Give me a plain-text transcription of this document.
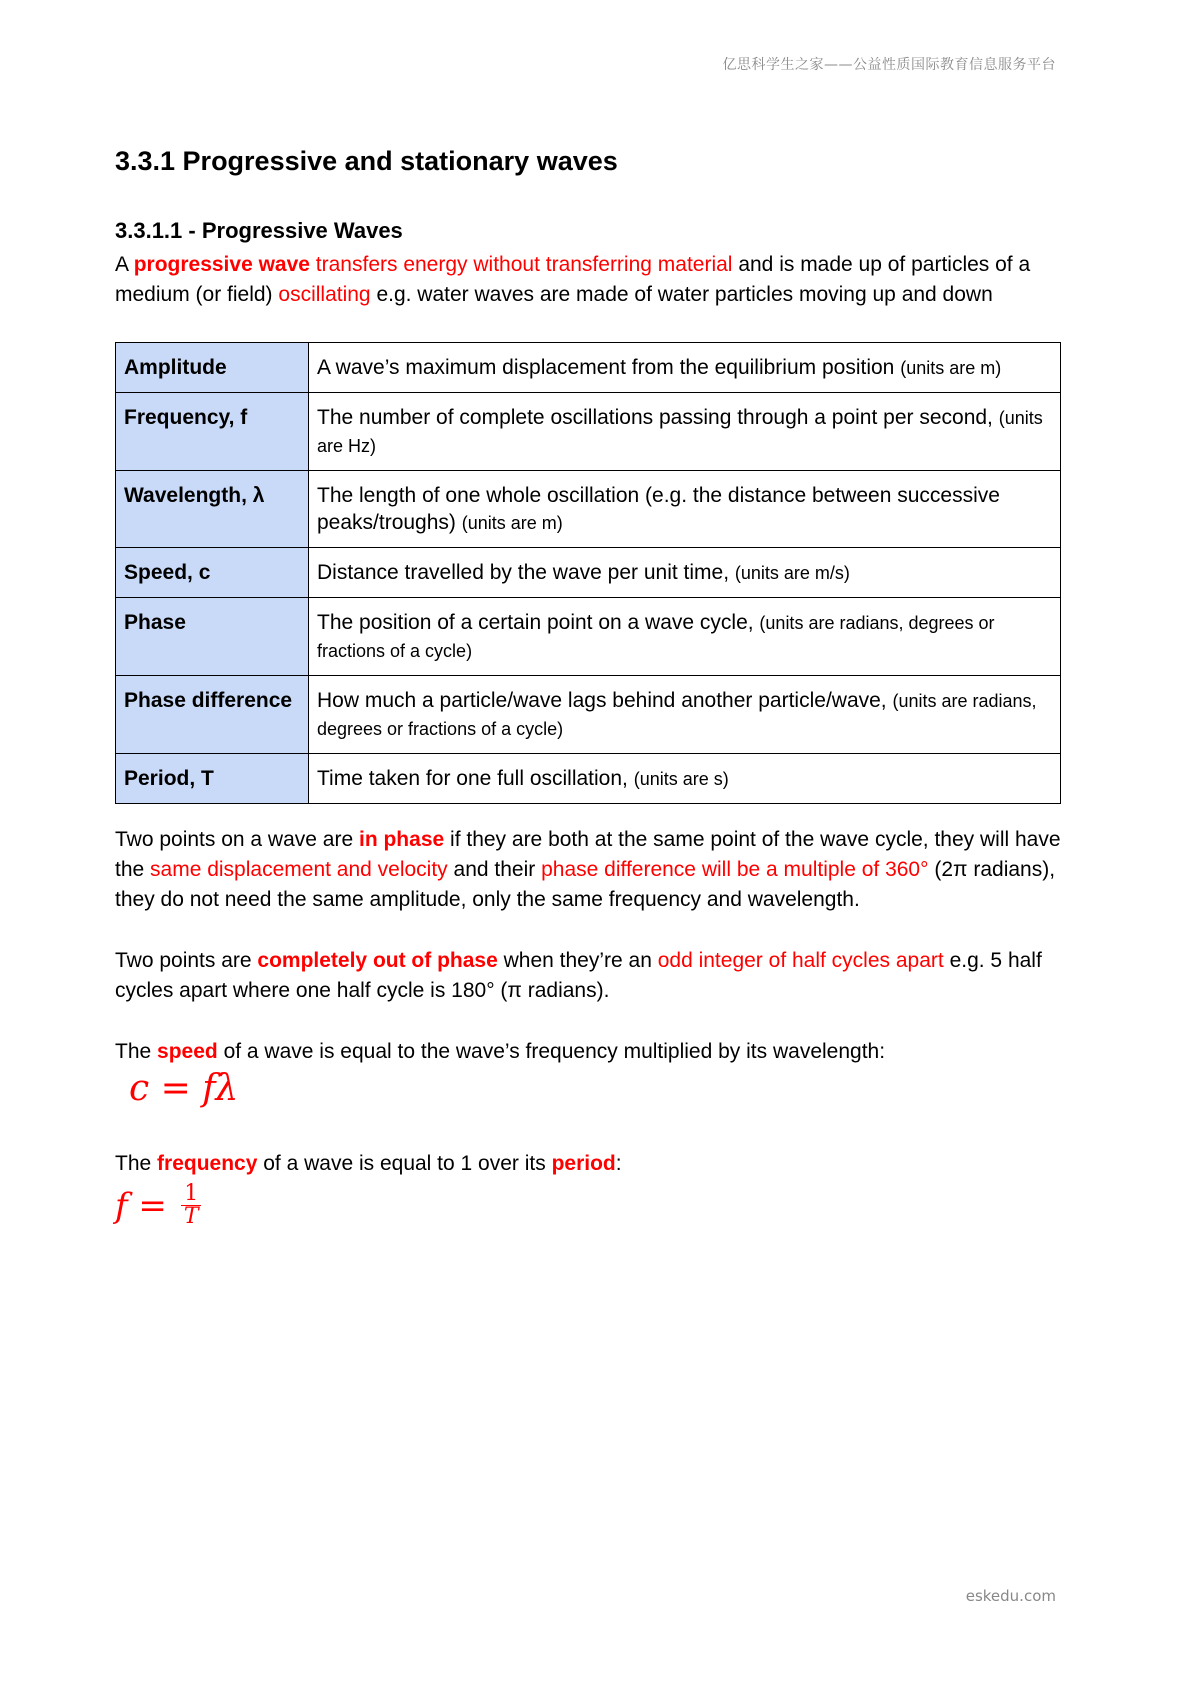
亿思科学生之家——公益性质国际教育信息服务平台
3.3.1 Progressive and stationary waves
3.3.1.1 - Progressive Waves

A progressive wave transfers energy without transferring material and is made up of particles of a medium (or field) oscillating e.g. water waves are made of water particles moving up and down

Amplitude	A wave’s maximum displacement from the equilibrium position (units are m)
Frequency, f	The number of complete oscillations passing through a point per second, (units are Hz)
Wavelength, λ	The length of one whole oscillation (e.g. the distance between successive peaks/troughs) (units are m)
Speed, c	Distance travelled by the wave per unit time, (units are m/s)
Phase	The position of a certain point on a wave cycle, (units are radians, degrees or fractions of a cycle)
Phase difference	How much a particle/wave lags behind another particle/wave, (units are radians, degrees or fractions of a cycle)
Period, T	Time taken for one full oscillation, (units are s)

Two points on a wave are in phase if they are both at the same point of the wave cycle, they will have the same displacement and velocity and their phase difference will be a multiple of 360° (2π radians), they do not need the same amplitude, only the same frequency and wavelength.

Two points are completely out of phase when they’re an odd integer of half cycles apart e.g. 5 half cycles apart where one half cycle is 180° (π radians).

The speed of a wave is equal to the wave’s frequency multiplied by its wavelength:

c = fλ

The frequency of a wave is equal to 1 over its period:

$f = \frac{1}{T}$
eskedu.com
